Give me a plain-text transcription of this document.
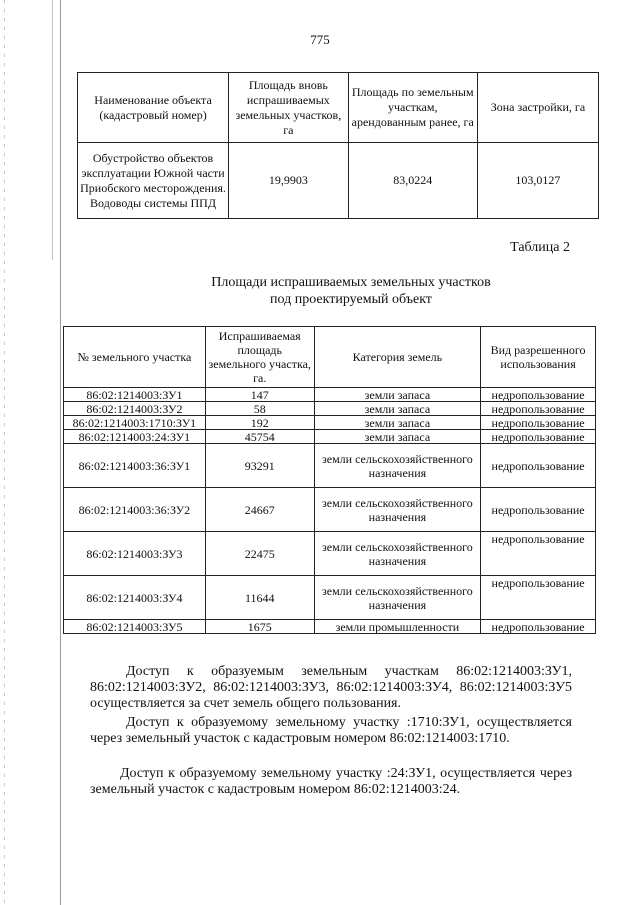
775
Наименование объекта (кадастровый номер)	Площадь вновь испрашиваемых земельных участков, га	Площадь по земельным участкам, арендованным ранее, га	Зона застройки, га
Обустройство объектов эксплуатации Южной части Приобского месторождения. Водоводы системы ППД	19,9903	83,0224	103,0127
Таблица 2
Площади испрашиваемых земельных участков
под проектируемый объект
№ земельного участка	Испрашиваемая площадь земельного участка, га.	Категория земель	Вид разрешенного использования
86:02:1214003:ЗУ1	147	земли запаса	недропользование
86:02:1214003:ЗУ2	58	земли запаса	недропользование
86:02:1214003:1710:ЗУ1	192	земли запаса	недропользование
86:02:1214003:24:ЗУ1	45754	земли запаса	недропользование
86:02:1214003:36:ЗУ1	93291	земли сельскохозяйственного назначения	недропользование
86:02:1214003:36:ЗУ2	24667	земли сельскохозяйственного назначения	недропользование
86:02:1214003:ЗУ3	22475	земли сельскохозяйственного назначения	недропользование
86:02:1214003:ЗУ4	11644	земли сельскохозяйственного назначения	недропользование
86:02:1214003:ЗУ5	1675	земли промышленности	недропользование

Доступ к образуемым земельным участкам 86:02:1214003:ЗУ1, 86:02:1214003:ЗУ2, 86:02:1214003:ЗУ3, 86:02:1214003:ЗУ4, 86:02:1214003:ЗУ5 осуществляется за счет земель общего пользования.

Доступ к образуемому земельному участку :1710:ЗУ1, осуществляется через земельный участок с кадастровым номером 86:02:1214003:1710.

Доступ к образуемому земельному участку :24:ЗУ1, осуществляется через земельный участок с кадастровым номером 86:02:1214003:24.
